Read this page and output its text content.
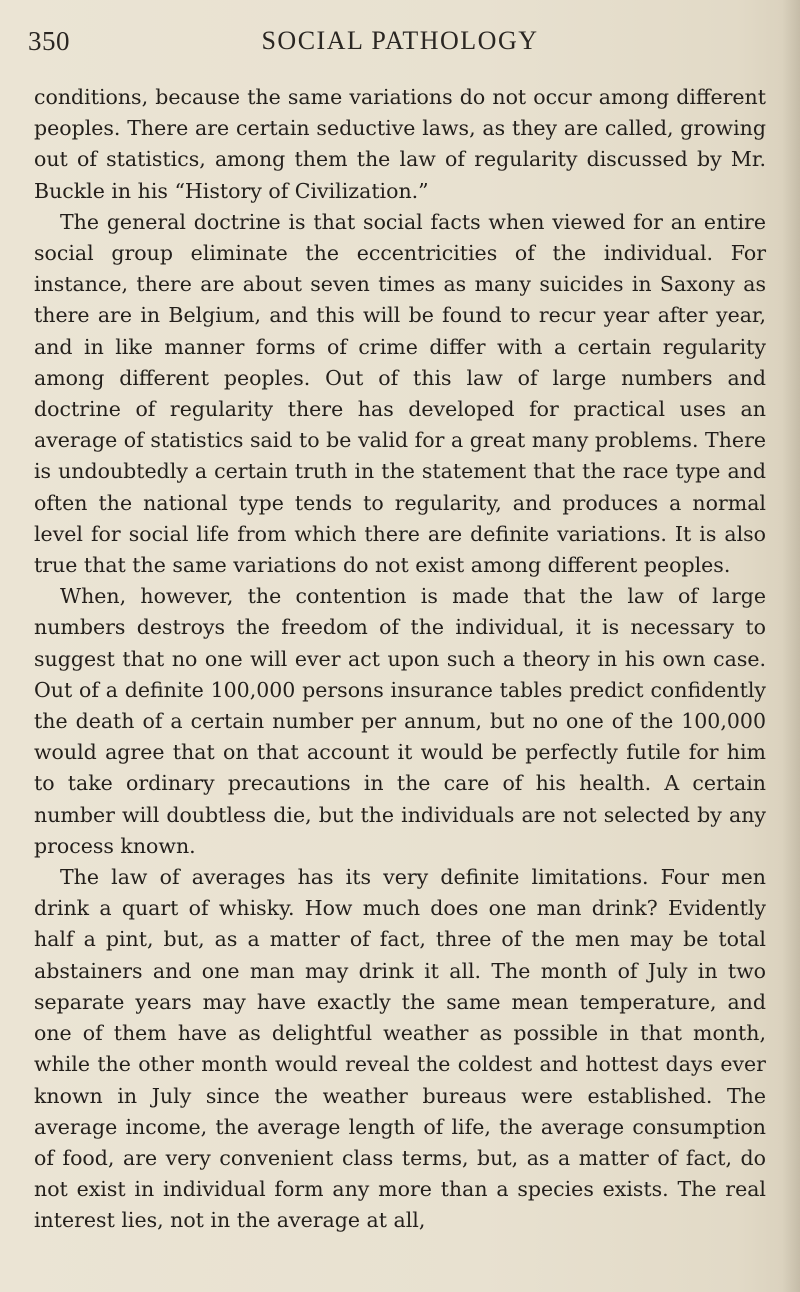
350	SOCIAL PATHOLOGY

conditions, because the same variations do not occur among different peoples. There are certain seductive laws, as they are called, growing out of statistics, among them the law of regularity discussed by Mr. Buckle in his “History of Civilization.”

The general doctrine is that social facts when viewed for an entire social group eliminate the eccentricities of the individual. For instance, there are about seven times as many suicides in Saxony as there are in Belgium, and this will be found to recur year after year, and in like manner forms of crime differ with a certain regularity among different peoples. Out of this law of large numbers and doctrine of regularity there has developed for practical uses an average of statistics said to be valid for a great many problems. There is undoubtedly a certain truth in the statement that the race type and often the national type tends to regularity, and produces a normal level for social life from which there are definite variations. It is also true that the same variations do not exist among different peoples.

When, however, the contention is made that the law of large numbers destroys the freedom of the individual, it is necessary to suggest that no one will ever act upon such a theory in his own case. Out of a definite 100,000 persons insurance tables predict confidently the death of a certain number per annum, but no one of the 100,000 would agree that on that account it would be perfectly futile for him to take ordinary precautions in the care of his health. A certain number will doubtless die, but the individuals are not selected by any process known.

The law of averages has its very definite limitations. Four men drink a quart of whisky. How much does one man drink? Evidently half a pint, but, as a matter of fact, three of the men may be total abstainers and one man may drink it all. The month of July in two separate years may have exactly the same mean temperature, and one of them have as delightful weather as possible in that month, while the other month would reveal the coldest and hottest days ever known in July since the weather bureaus were established. The average income, the average length of life, the average consumption of food, are very convenient class terms, but, as a matter of fact, do not exist in individual form any more than a species exists. The real interest lies, not in the average at all,
